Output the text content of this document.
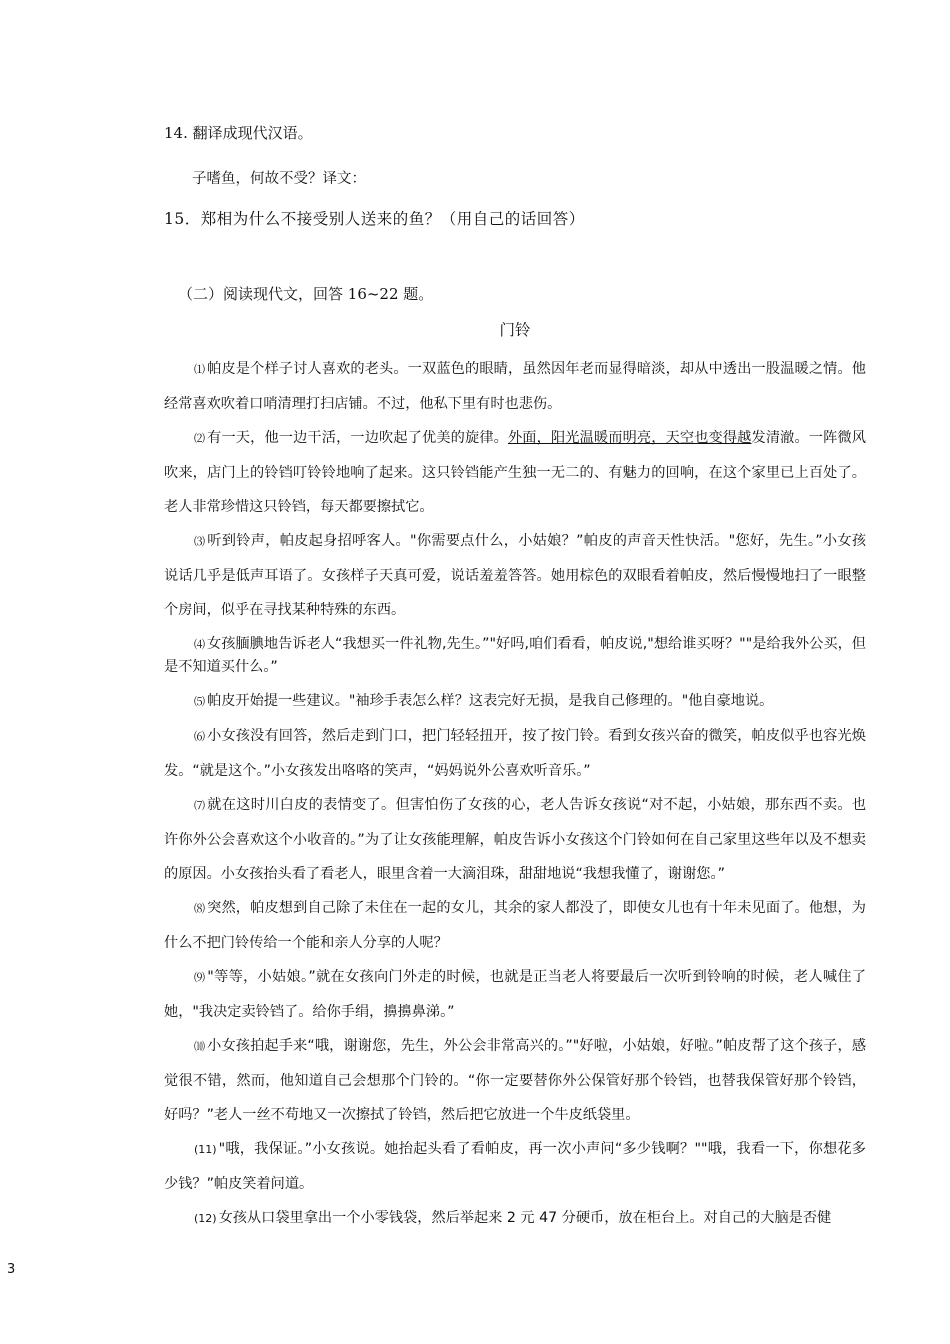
14. 翻译成现代汉语。
子嗜鱼，何故不受？译文：
15．郑相为什么不接受别人送来的鱼？（用自己的话回答）
（二）阅读现代文，回答 16~22 题。
门铃

⑴ 帕皮是个样子讨人喜欢的老头。一双蓝色的眼睛，虽然因年老而显得暗淡，却从中透出一股温暖之情。他经常喜欢吹着口哨清理打扫店铺。不过，他私下里有时也悲伤。

⑵ 有一天，他一边干活，一边吹起了优美的旋律。外面，阳光温暖而明亮，天空也变得越发清澈。一阵微风吹来，店门上的铃铛叮铃铃地响了起来。这只铃铛能产生独一无二的、有魅力的回响，在这个家里已上百处了。老人非常珍惜这只铃铛，每天都要擦拭它。

⑶ 听到铃声，帕皮起身招呼客人。"你需要点什么，小姑娘？”帕皮的声音天性快活。"您好，先生。”小女孩说话几乎是低声耳语了。女孩样子天真可爱，说话羞羞答答。她用棕色的双眼看着帕皮，然后慢慢地扫了一眼整个房间，似乎在寻找某种特殊的东西。

⑷ 女孩腼腆地告诉老人“我想买一件礼物,先生。”"好吗,咱们看看，帕皮说,"想给谁买呀？""是给我外公买，但是不知道买什么。”

⑸ 帕皮开始提一些建议。"袖珍手表怎么样？这表完好无损，是我自己修理的。"他自豪地说。

⑹ 小女孩没有回答，然后走到门口，把门轻轻扭开，按了按门铃。看到女孩兴奋的微笑，帕皮似乎也容光焕发。“就是这个。”小女孩发出咯咯的笑声，“妈妈说外公喜欢听音乐。”

⑺ 就在这时川白皮的表情变了。但害怕伤了女孩的心，老人告诉女孩说“对不起，小姑娘，那东西不卖。也许你外公会喜欢这个小收音的。”为了让女孩能理解，帕皮告诉小女孩这个门铃如何在自己家里这些年以及不想卖的原因。小女孩抬头看了看老人，眼里含着一大滴泪珠，甜甜地说“我想我懂了，谢谢您。”

⑻ 突然，帕皮想到自己除了未住在一起的女儿，其余的家人都没了，即使女儿也有十年未见面了。他想，为什么不把门铃传给一个能和亲人分享的人呢？

⑼ "等等，小姑娘。”就在女孩向门外走的时候，也就是正当老人将要最后一次听到铃响的时候，老人喊住了她，"我决定卖铃铛了。给你手绢，擤擤鼻涕。”

⑽ 小女孩拍起手来“哦，谢谢您，先生，外公会非常高兴的。”"好啦，小姑娘，好啦。”帕皮帮了这个孩子，感觉很不错，然而，他知道自己会想那个门铃的。“你一定要替你外公保管好那个铃铛，也替我保管好那个铃铛，好吗？”老人一丝不苟地又一次擦拭了铃铛，然后把它放进一个牛皮纸袋里。

(11) "哦，我保证。”小女孩说。她抬起头看了看帕皮，再一次小声问“多少钱啊？""哦，我看一下，你想花多少钱？”帕皮笑着问道。

(12) 女孩从口袋里拿出一个小零钱袋，然后举起来 2 元 47 分硬币，放在柜台上。对自己的大脑是否健

3
